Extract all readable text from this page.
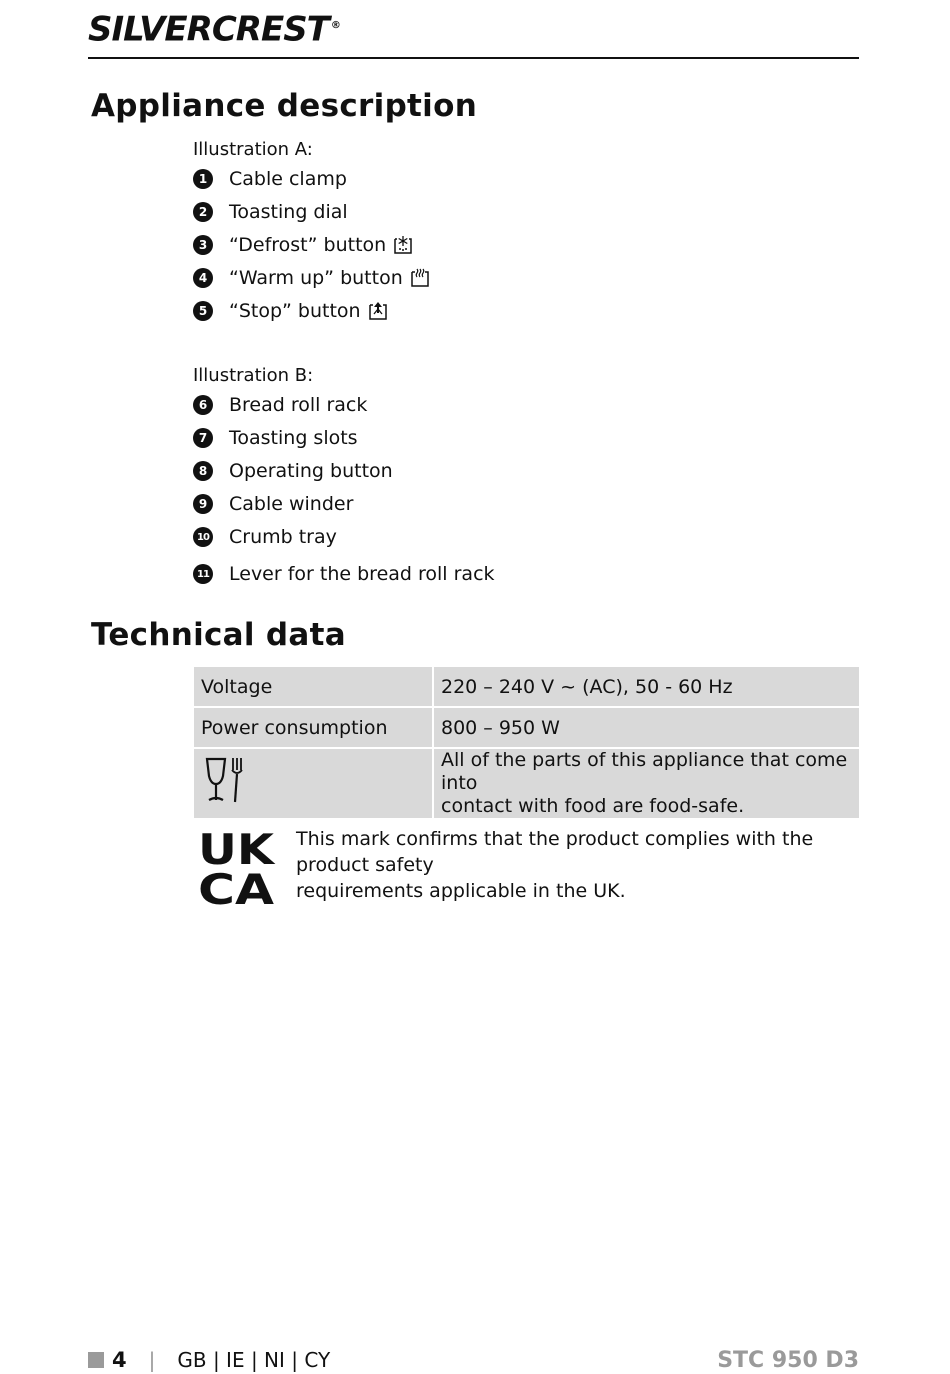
SILVERCREST ®
Appliance description
Illustration A:
1	Cable clamp
2	Toasting dial
3	“Defrost” button
4	“Warm up” button
5	“Stop” button
Illustration B:
6	Bread roll rack
7	Toasting slots
8	Operating button
9	Cable winder
10 Crumb tray
11 Lever for the bread roll rack
Technical data
Voltage	220 – 240 V ~ (AC), 50 - 60 Hz
Power consumption	800 – 950 W

All of the parts of this appliance that come into
contact with food are food-safe.
UK
CA
This mark confirms that the product complies with the product safety
requirements applicable in the UK.
4 | GB | IE | NI | CY	STC 950 D3
